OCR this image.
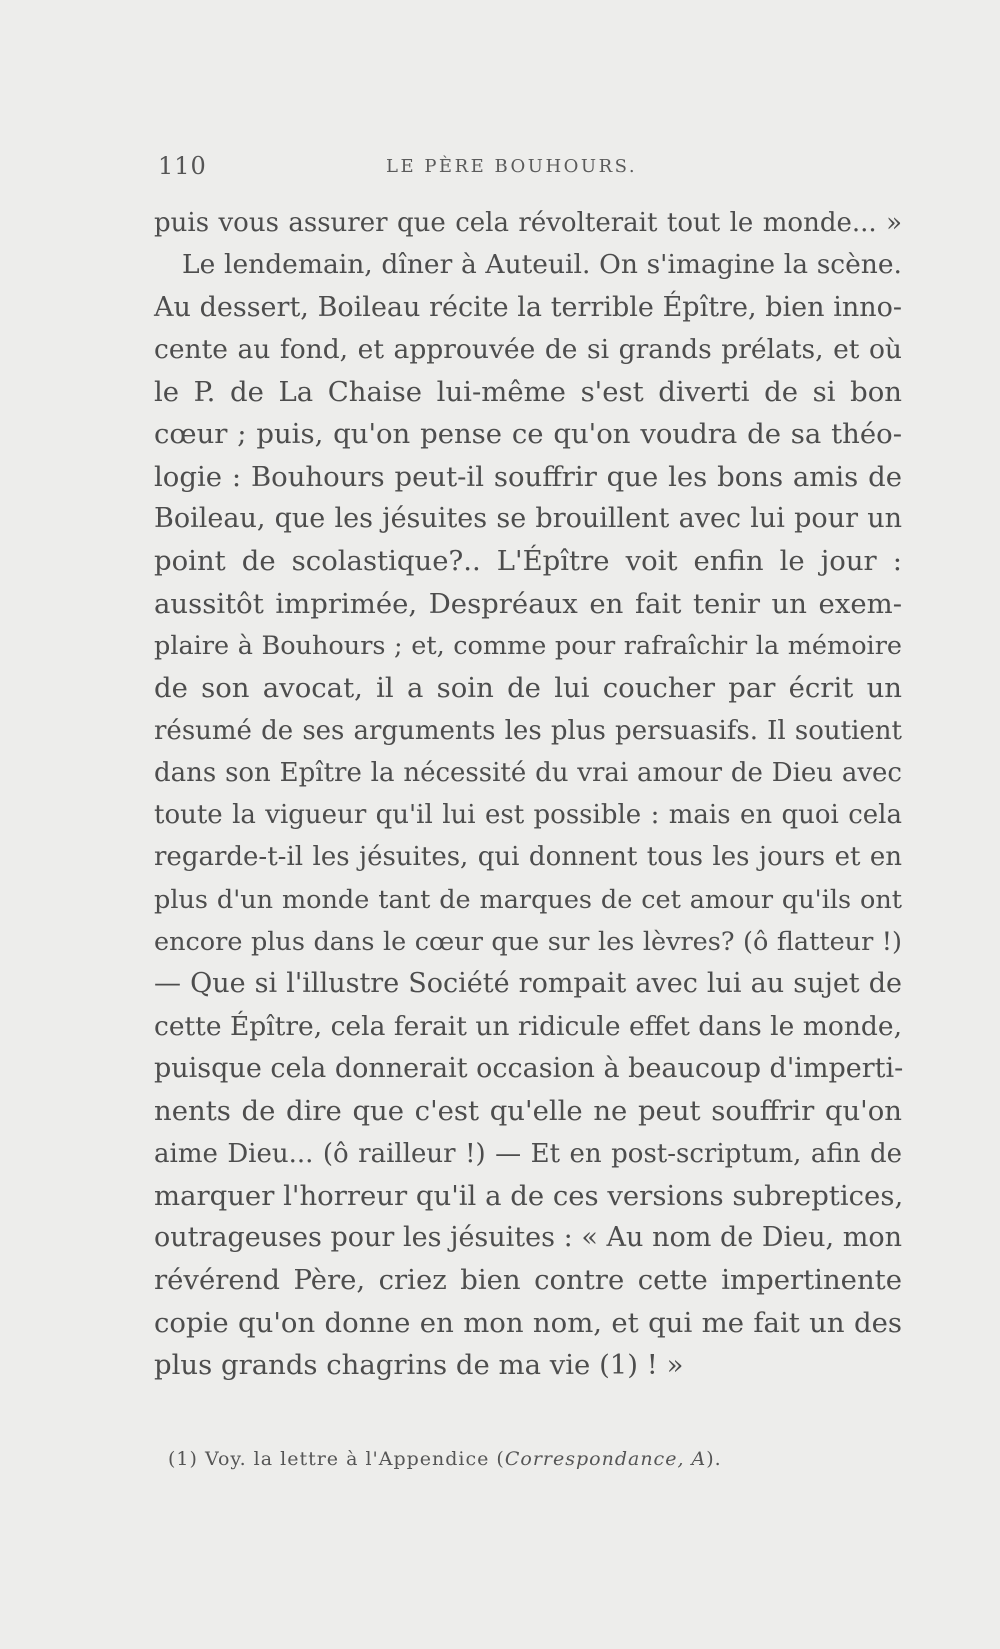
110	LE PÈRE BOUHOURS.
puis vous assurer que cela révolterait tout le monde... »
Le lendemain, dîner à Auteuil. On s'imagine la scène.
Au dessert, Boileau récite la terrible Épître, bien inno-
cente au fond, et approuvée de si grands prélats, et où
le P. de La Chaise lui-même s'est diverti de si bon
cœur ; puis, qu'on pense ce qu'on voudra de sa théo-
logie : Bouhours peut-il souffrir que les bons amis de
Boileau, que les jésuites se brouillent avec lui pour un
point de scolastique?.. L'Épître voit enfin le jour :
aussitôt imprimée, Despréaux en fait tenir un exem-
plaire à Bouhours ; et, comme pour rafraîchir la mémoire
de son avocat, il a soin de lui coucher par écrit un
résumé de ses arguments les plus persuasifs. Il soutient
dans son Epître la nécessité du vrai amour de Dieu avec
toute la vigueur qu'il lui est possible : mais en quoi cela
regarde-t-il les jésuites, qui donnent tous les jours et en
plus d'un monde tant de marques de cet amour qu'ils ont
encore plus dans le cœur que sur les lèvres? (ô flatteur !)
— Que si l'illustre Société rompait avec lui au sujet de
cette Épître, cela ferait un ridicule effet dans le monde,
puisque cela donnerait occasion à beaucoup d'imperti-
nents de dire que c'est qu'elle ne peut souffrir qu'on
aime Dieu... (ô railleur !) — Et en post-scriptum, afin de
marquer l'horreur qu'il a de ces versions subreptices,
outrageuses pour les jésuites : « Au nom de Dieu, mon
révérend Père, criez bien contre cette impertinente
copie qu'on donne en mon nom, et qui me fait un des
plus grands chagrins de ma vie (1) ! »
(1) Voy. la lettre à l'Appendice (Correspondance, A).
